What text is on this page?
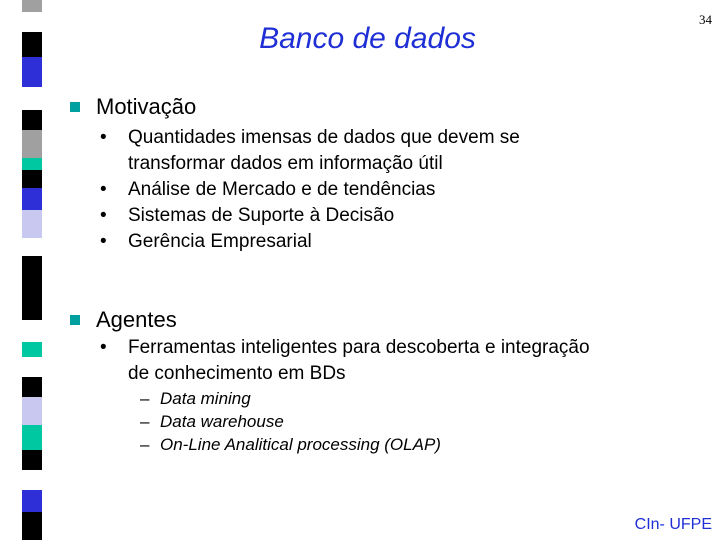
34
Banco de dados
Motivação
• Quantidades imensas de dados que devem se
transformar dados em informação útil
• Análise de Mercado e de tendências
• Sistemas de Suporte à Decisão
• Gerência Empresarial
Agentes
• Ferramentas inteligentes para descoberta e integração
de conhecimento em BDs
– Data mining
– Data warehouse
– On-Line Analitical processing (OLAP)
CIn- UFPE
